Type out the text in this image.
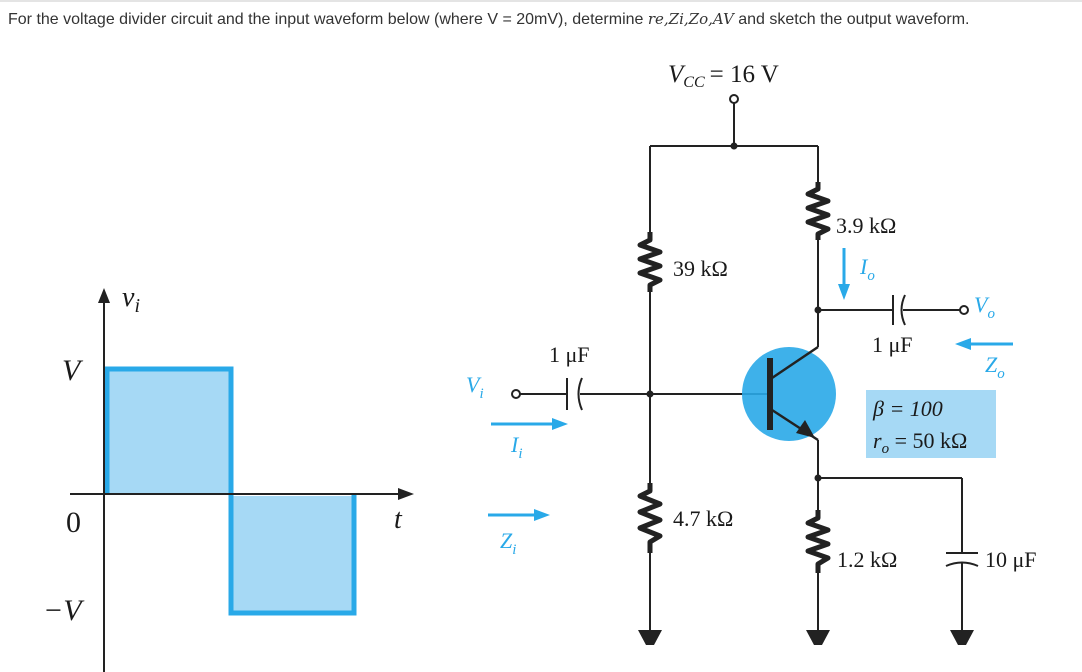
For the voltage divider circuit and the input waveform below (where V = 20mV), determine re,Zi,Zo,AV and sketch the output waveform.
$v_i$
t
V
0
−V
$V_{CC} = 16$ V
39 kΩ
4.7 kΩ
3.9 kΩ
1.2 kΩ
1 μF	1 μF
10 μF
$V_i$
$V_o$
$I_i$
$Z_i$
$I_o$
$Z_o$
β = 100
$r_o = 50$ kΩ
